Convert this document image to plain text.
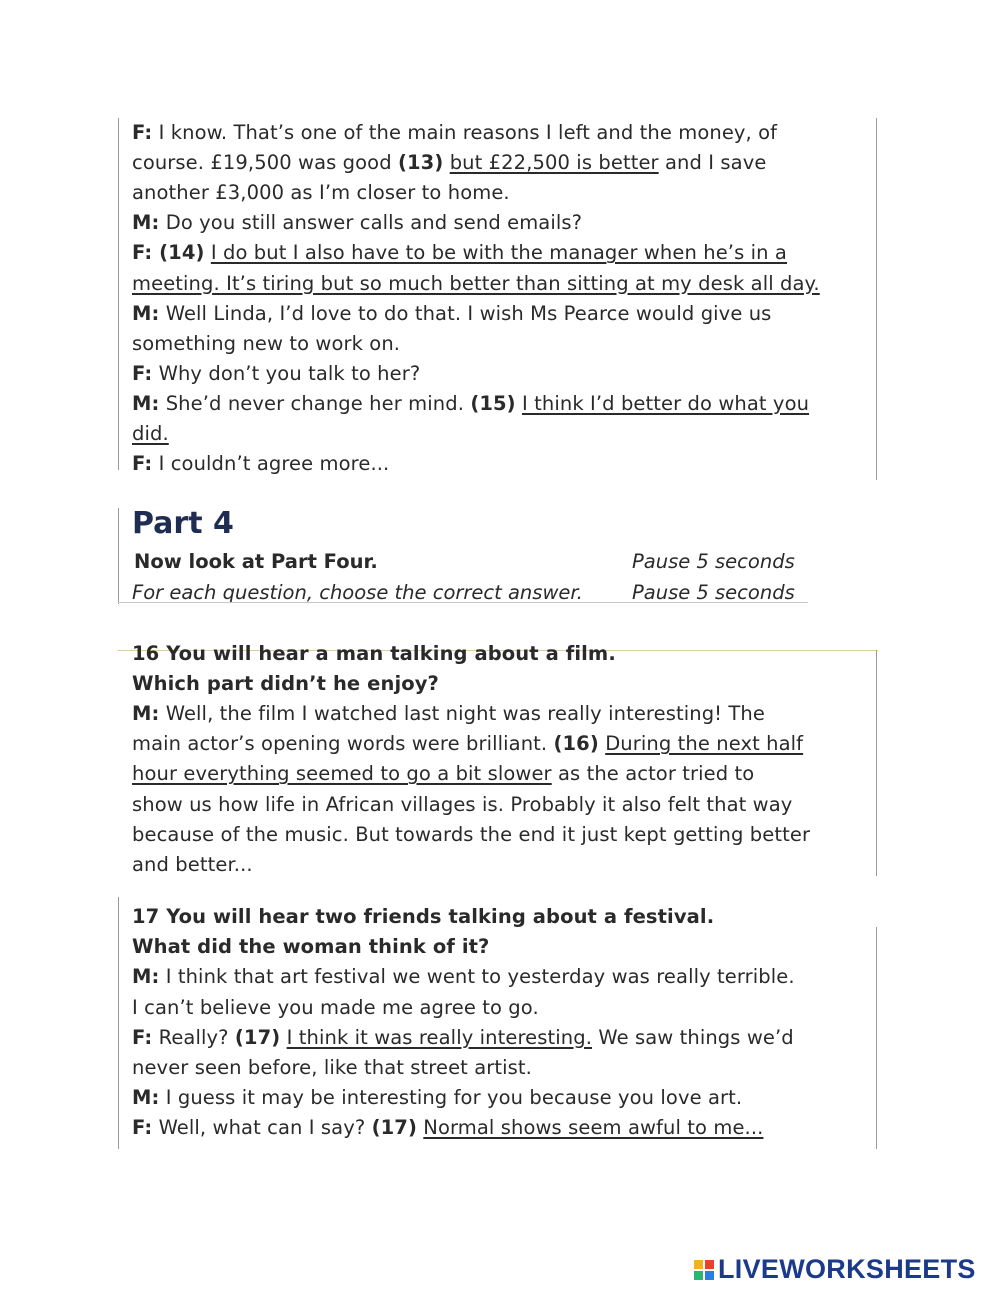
F: I know. That’s one of the main reasons I left and the money, of
course. £19,500 was good (13) but £22,500 is better and I save
another £3,000 as I’m closer to home.
M: Do you still answer calls and send emails?
F: (14) I do but I also have to be with the manager when he’s in a
meeting. It’s tiring but so much better than sitting at my desk all day.
M: Well Linda, I’d love to do that. I wish Ms Pearce would give us
something new to work on.
F: Why don’t you talk to her?
M: She’d never change her mind. (15) I think I’d better do what you
did.
F: I couldn’t agree more...
Part 4
Now look at Part Four.	Pause 5 seconds
For each question, choose the correct answer.	Pause 5 seconds
16 You will hear a man talking about a film.
Which part didn’t he enjoy?
M: Well, the film I watched last night was really interesting! The
main actor’s opening words were brilliant. (16) During the next half
hour everything seemed to go a bit slower as the actor tried to
show us how life in African villages is. Probably it also felt that way
because of the music. But towards the end it just kept getting better
and better...
17 You will hear two friends talking about a festival.
What did the woman think of it?
M: I think that art festival we went to yesterday was really terrible.
I can’t believe you made me agree to go.
F: Really? (17) I think it was really interesting. We saw things we’d
never seen before, like that street artist.
M: I guess it may be interesting for you because you love art.
F: Well, what can I say? (17) Normal shows seem awful to me...
LIVEWORKSHEETS
